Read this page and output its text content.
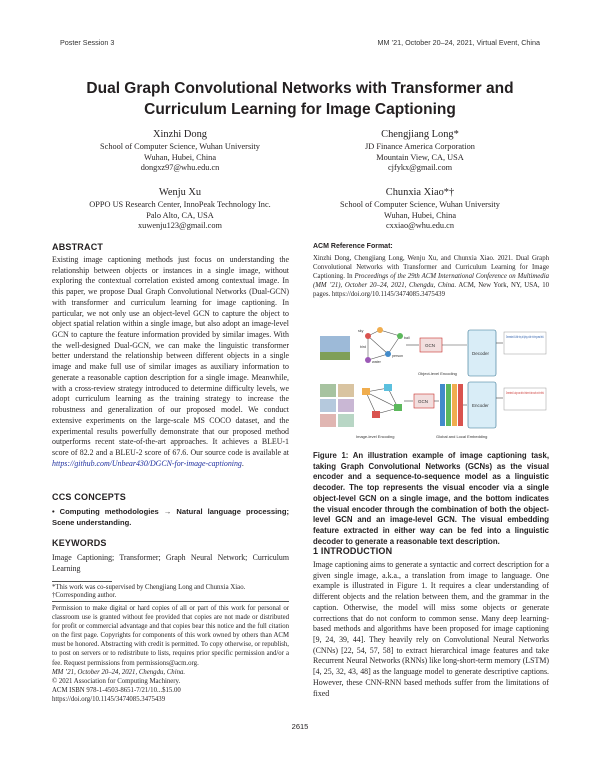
Poster Session 3	MM ’21, October 20–24, 2021, Virtual Event, China
Dual Graph Convolutional Networks with Transformer and Curriculum Learning for Image Captioning
Xinzhi Dong
School of Computer Science, Wuhan University
Wuhan, Hubei, China
dongxz97@whu.edu.cn
Chengjiang Long*
JD Finance America Corporation
Mountain View, CA, USA
cjfykx@gmail.com
Wenju Xu
OPPO US Research Center, InnoPeak Technology Inc.
Palo Alto, CA, USA
xuwenju123@gmail.com
Chunxia Xiao*†
School of Computer Science, Wuhan University
Wuhan, Hubei, China
cxxiao@whu.edu.cn
ABSTRACT

Existing image captioning methods just focus on understanding the relationship between objects or instances in a single image, without exploring the contextual correlation existed among contextual image. In this paper, we propose Dual Graph Convolutional Networks (Dual-GCN) with transformer and curriculum learning for image captioning. In particular, we not only use an object-level GCN to capture the object to object spatial relation within a single image, but also adopt an image-level GCN to capture the feature information provided by similar images. With the well-designed Dual-GCN, we can make the linguistic transformer better understand the relationship between different objects in a single image and make full use of similar images as auxiliary information to generate a reasonable caption description for a single image. Meanwhile, with a cross-review strategy introduced to determine difficulty levels, we adopt curriculum learning as the training strategy to increase the robustness and generalization of our proposed model. We conduct extensive experiments on the large-scale MS COCO dataset, and the experimental results powerfully demonstrate that our proposed method outperforms recent state-of-the-art approaches. It achieves a BLEU-1 score of 82.2 and a BLEU-2 score of 67.6. Our source code is available at https://github.com/Unbear430/DGCN-for-image-captioning.

CCS CONCEPTS

• Computing methodologies → Natural language processing; Scene understanding.

KEYWORDS

Image Captioning; Transformer; Graph Neural Network; Curriculum Learning

*This work was co-supervised by Chengjiang Long and Chunxia Xiao.

†Corresponding author.

Permission to make digital or hard copies of all or part of this work for personal or classroom use is granted without fee provided that copies are not made or distributed for profit or commercial advantage and that copies bear this notice and the full citation on the first page. Copyrights for components of this work owned by others than ACM must be honored. Abstracting with credit is permitted. To copy otherwise, or republish, to post on servers or to redistribute to lists, requires prior specific permission and/or a fee. Request permissions from permissions@acm.org.

MM ’21, October 20–24, 2021, Chengdu, China.

© 2021 Association for Computing Machinery.

ACM ISBN 978-1-4503-8651-7/21/10...$15.00

https://doi.org/10.1145/3474085.3475439

ACM Reference Format:

Xinzhi Dong, Chengjiang Long, Wenju Xu, and Chunxia Xiao. 2021. Dual Graph Convolutional Networks with Transformer and Curriculum Learning for Image Captioning. In Proceedings of the 29th ACM International Conference on Multimedia (MM ’21), October 20–24, 2021, Chengdu, China. ACM, New York, NY, USA, 10 pages. https://doi.org/10.1145/3474085.3475439

sky
ball
person
water
bird	GCN
Decoder
Generated: A little boy is flying a kite in the grass field.
Object-level Encoding
GCN
Encoder
Generated: A dog runs with a frisbee in its mouth on the field.
Image-level Encoding	Global and Local Embedding

Figure 1: An illustration example of image captioning task, taking Graph Convolutional Networks (GCNs) as the visual encoder and a sequence-to-sequence model as a linguistic decoder. The top represents the visual encoder via a single object-level GCN on a single image, and the bottom indicates the visual encoder through the combination of both the object-level GCN and an image-level GCN. The visual embedding feature extracted in either way can be fed into a linguistic decoder to generate a reasonable text description.

1 INTRODUCTION

Image captioning aims to generate a syntactic and correct description for a given single image, a.k.a., a translation from image to language. One example is illustrated in Figure 1. It requires a clear understanding of different objects and the relation between them, and the grammar in the caption. Otherwise, the model will miss some objects or generate corrections that do not conform to common sense. Many deep learning-based methods and algorithms have been proposed for image captioning [9, 24, 39, 44]. They heavily rely on Convolutional Neural Networks (CNNs) [22, 54, 57, 58] to extract hierarchical image features and take Recurrent Neural Networks (RNNs) like long-short-term memory (LSTM) [4, 25, 32, 43, 48] as the language model to generate descriptive captions. However, these CNN-RNN based methods suffer from the limitations of fixed

2615
